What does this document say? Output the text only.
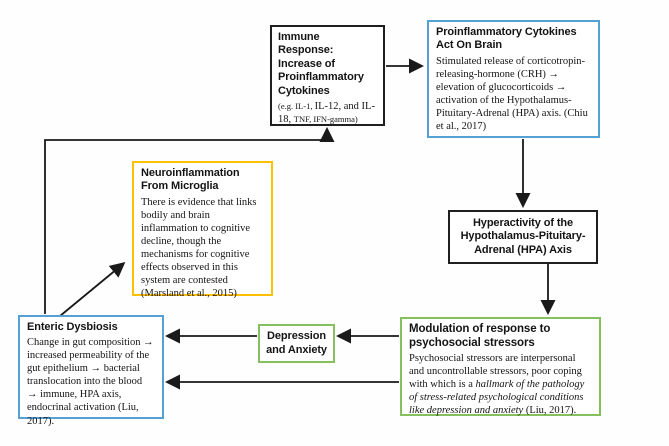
Immune Response: Increase of Proinflammatory Cytokines
(e.g. IL-1, IL-12, and IL-18, TNF, IFN-gamma)
Proinflammatory Cytokines Act On Brain
Stimulated release of corticotropin-releasing-hormone (CRH) → elevation of glucocorticoids → activation of the Hypothalamus-Pituitary-Adrenal (HPA) axis. (Chiu et al., 2017)
Neuroinflammation From Microglia
There is evidence that links bodily and brain inflammation to cognitive decline, though the mechanisms for cognitive effects observed in this system are contested (Marsland et al., 2015)
Hyperactivity of the Hypothalamus-Pituitary-Adrenal (HPA) Axis
Enteric Dysbiosis
Change in gut composition → increased permeability of the gut epithelium → bacterial translocation into the blood → immune, HPA axis, endocrinal activation (Liu, 2017).
Depression and Anxiety
Modulation of response to psychosocial stressors
Psychosocial stressors are interpersonal and uncontrollable stressors, poor coping with which is a hallmark of the pathology of stress-related psychological conditions like depression and anxiety (Liu, 2017).
